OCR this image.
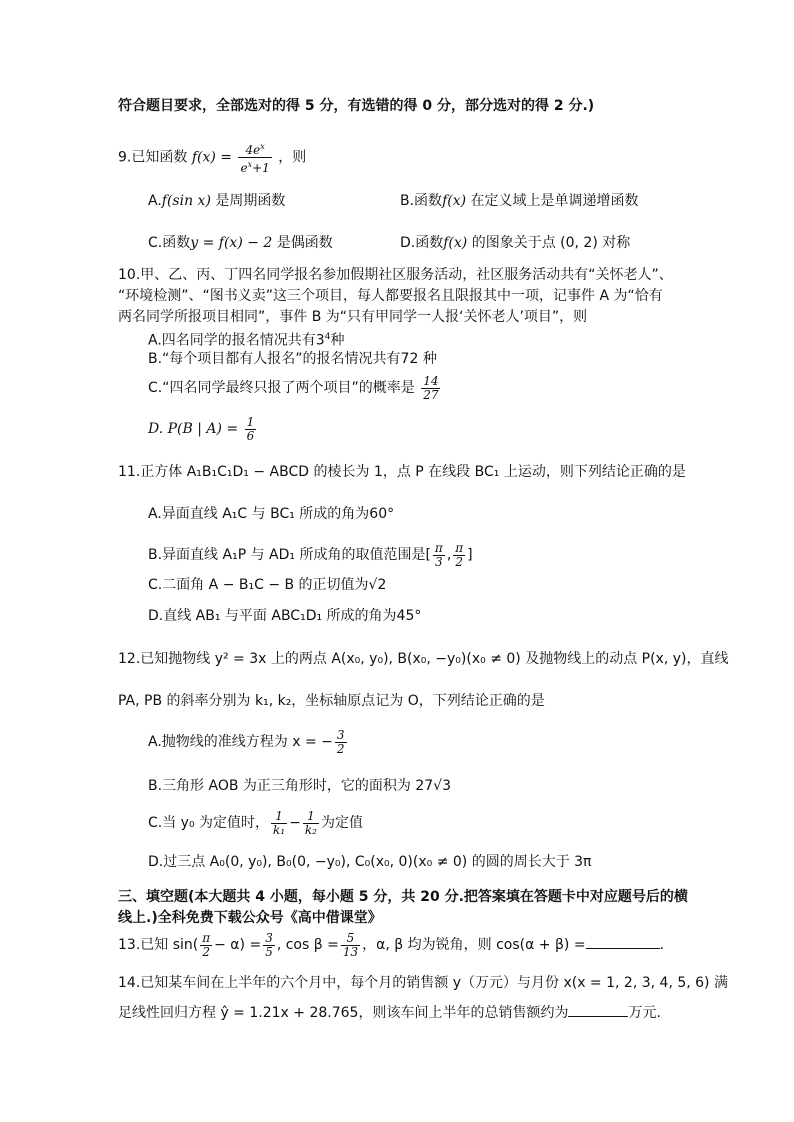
符合题目要求，全部选对的得 5 分，有选错的得 0 分，部分选对的得 2 分.)
9.已知函数 $f(x) = \frac{4e^x}{e^x+1}$ ，则
A.f(sin x) 是周期函数	B.函数f(x) 在定义域上是单调递增函数
C.函数y = f(x) − 2 是偶函数	D.函数f(x) 的图象关于点 (0, 2) 对称
10.甲、乙、丙、丁四名同学报名参加假期社区服务活动，社区服务活动共有“关怀老人”、
“环境检测”、“图书义卖”这三个项目，每人都要报名且限报其中一项，记事件 A 为“恰有
两名同学所报项目相同”，事件 B 为“只有甲同学一人报‘关怀老人’项目”，则
A.四名同学的报名情况共有$3^4$种
B.“每个项目都有人报名”的报名情况共有72 种
C.“四名同学最终只报了两个项目”的概率是 $\frac{14}{27}$
D. P(B | $A) = \frac{1}{6}$
11.正方体 A₁B₁C₁D₁ − ABCD 的棱长为 1，点 P 在线段 BC₁ 上运动，则下列结论正确的是
A.异面直线 A₁C 与 BC₁ 所成的角为60°
B.异面直线 A₁P 与 AD₁ 所成角的取值范围是[ $\frac{\pi}{3}$ , $\frac{\pi}{2}$ ]
C.二面角 A − B₁C − B 的正切值为√2
D.直线 AB₁ 与平面 ABC₁D₁ 所成的角为45°
12.已知抛物线 y² = 3x 上的两点 A(x₀, y₀), B(x₀, −y₀)(x₀ ≠ 0) 及抛物线上的动点 P(x, y)，直线
PA, PB 的斜率分别为 k₁, k₂，坐标轴原点记为 O，下列结论正确的是
A.抛物线的准线方程为 x = − $\frac{3}{2}$
B.三角形 AOB 为正三角形时，它的面积为 27√3
C.当 y₀ 为定值时， $\frac{1}{\text{k₁}} - \frac{1}{\text{k₂}}$ 为定值
D.过三点 A₀(0, y₀), B₀(0, −y₀), C₀(x₀, 0)(x₀ ≠ 0) 的圆的周长大于 3π
三、填空题(本大题共 4 小题，每小题 5 分，共 20 分.把答案填在答题卡中对应题号后的横
线上.)全科免费下载公众号《高中借课堂》
13.已知 $\sin( \frac{\pi}{2} - \alpha) = \frac{3}{5}$ , $\cos \beta = \frac{5}{13}$ ，α, β 均为锐角，则 cos(α + β) =	.
14.已知某车间在上半年的六个月中，每个月的销售额 y（万元）与月份 x(x = 1, 2, 3, 4, 5, 6) 满
足线性回归方程 ŷ = 1.21x + 28.765，则该车间上半年的总销售额约为	万元.
